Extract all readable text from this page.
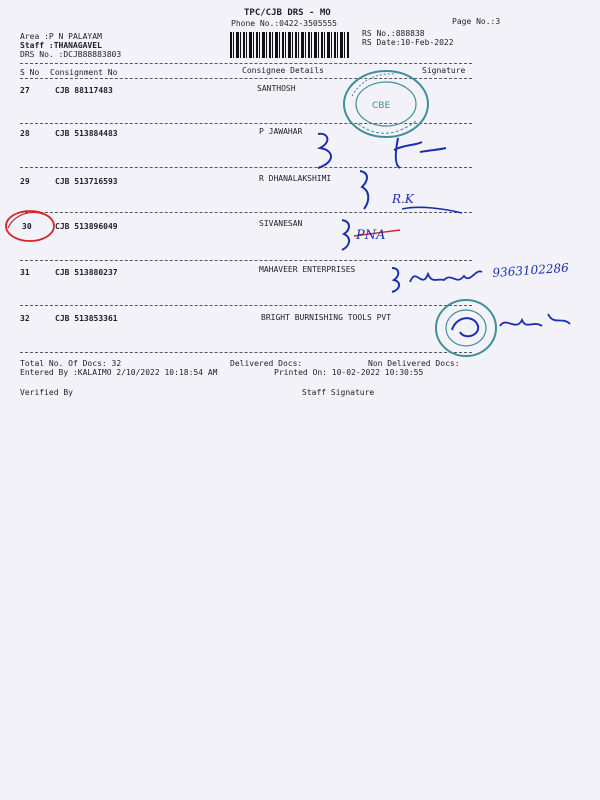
TPC/CJB DRS - MO
Phone No.:0422-3505555	Page No.:3
Area :P N PALAYAM
Staff :THANAGAVEL
DRS No. :DCJB88883803
RS No.:888838
RS Date:10-Feb-2022
S No Consignment No	Consignee Details	Signature
27	CJB 88117483	SANTHOSH
28	CJB 513884483	P JAWAHAR
29	CJB 513716593	R DHANALAKSHIMI
30	CJB 513896049	SIVANESAN
31	CJB 513880237	MAHAVEER ENTERPRISES
32	CJB 513853361	BRIGHT BURNISHING TOOLS PVT
Total No. Of Docs: 32	Delivered Docs:	Non Delivered Docs:
Entered By :KALAIMO 2/10/2022 10:18:54 AM	Printed On: 10-02-2022 10:30:55
Verified By	Staff Signature
CBE
R.K
PNA
9363102286
